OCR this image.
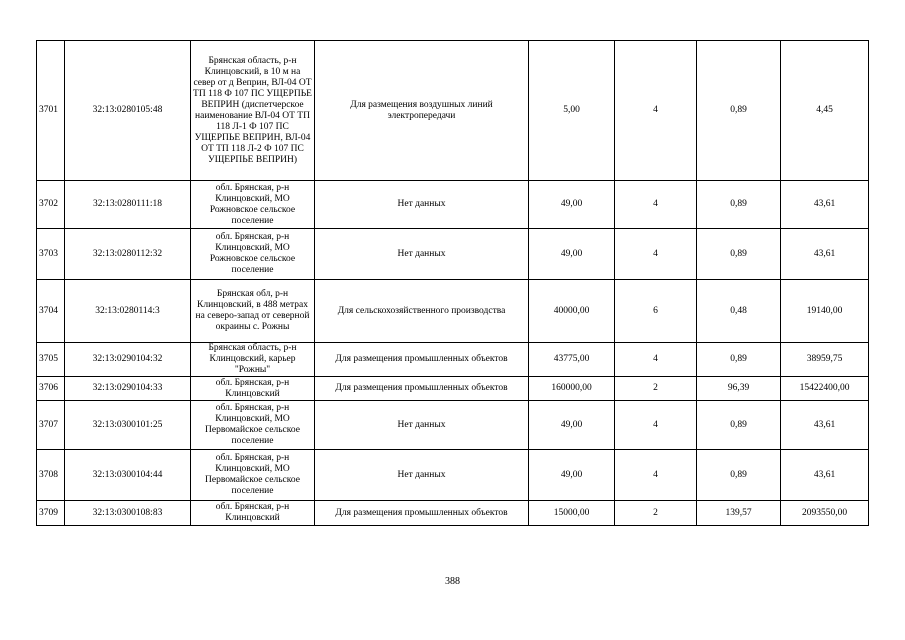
3701	32:13:0280105:48	Брянская область, р-н Клинцовский, в 10 м на север от д Веприн, ВЛ-04 ОТ ТП 118 Ф 107 ПС УЩЕРПЬЕ ВЕПРИН (диспетчерское наименование ВЛ-04 ОТ ТП 118 Л-1 Ф 107 ПС УЩЕРПЬЕ ВЕПРИН, ВЛ-04 ОТ ТП 118 Л-2 Ф 107 ПС УЩЕРПЬЕ ВЕПРИН)	Для размещения воздушных линий электропередачи	5,00	4	0,89	4,45
3702	32:13:0280111:18	обл. Брянская, р-н Клинцовский, МО Рожновское сельское поселение	Нет данных	49,00	4	0,89	43,61
3703	32:13:0280112:32	обл. Брянская, р-н Клинцовский, МО Рожновское сельское поселение	Нет данных	49,00	4	0,89	43,61
3704	32:13:0280114:3	Брянская обл, р-н Клинцовский, в 488 метрах на северо-запад от северной окраины с. Рожны	Для сельскохозяйственного производства	40000,00	6	0,48	19140,00
3705	32:13:0290104:32	Брянская область, р-н Клинцовский, карьер "Рожны"	Для размещения промышленных объектов	43775,00	4	0,89	38959,75
3706	32:13:0290104:33	обл. Брянская, р-н Клинцовский	Для размещения промышленных объектов	160000,00	2	96,39	15422400,00
3707	32:13:0300101:25	обл. Брянская, р-н Клинцовский, МО Первомайское сельское поселение	Нет данных	49,00	4	0,89	43,61
3708	32:13:0300104:44	обл. Брянская, р-н Клинцовский, МО Первомайское сельское поселение	Нет данных	49,00	4	0,89	43,61
3709	32:13:0300108:83	обл. Брянская, р-н Клинцовский	Для размещения промышленных объектов	15000,00	2	139,57	2093550,00
388
